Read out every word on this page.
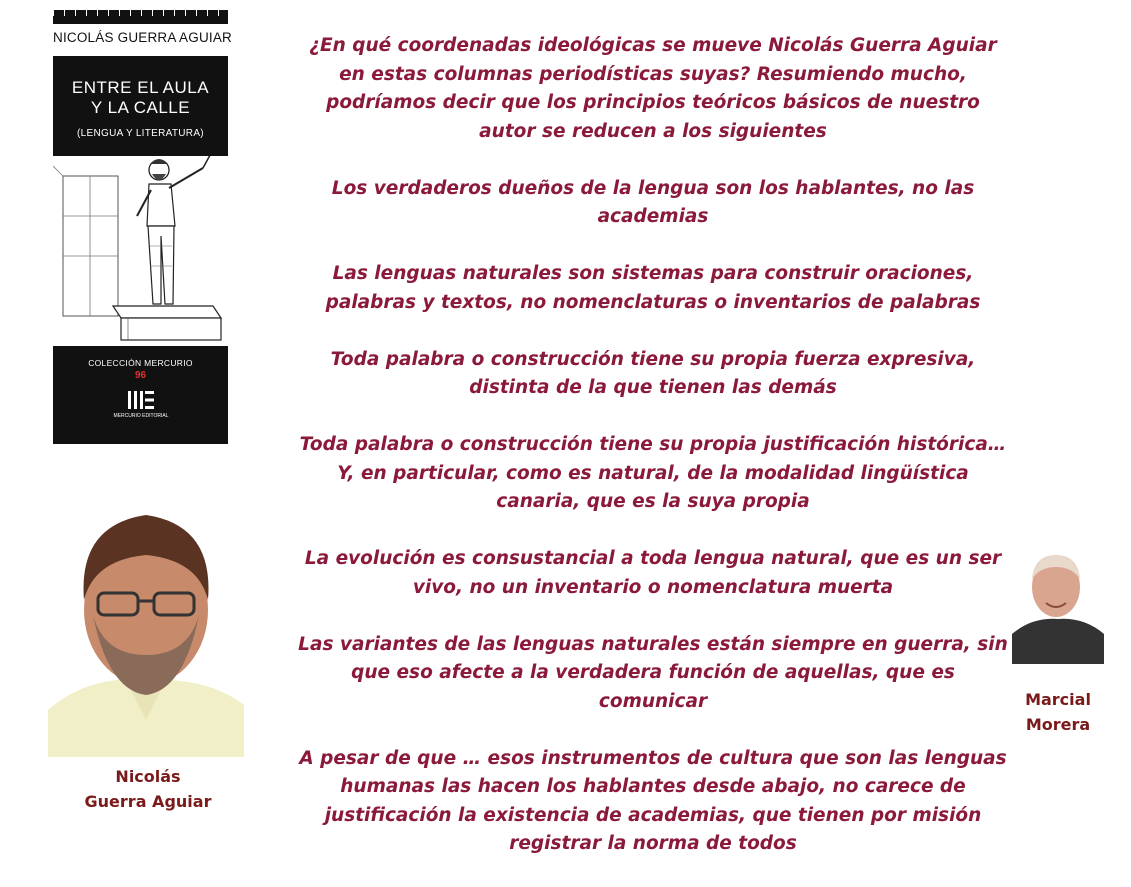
NICOLÁS GUERRA AGUIAR
ENTRE EL AULA
Y LA CALLE
(LENGUA Y LITERATURA)
COLECCIÓN MERCURIO
96
MERCURIO EDITORIAL
Nicolás
Guerra Aguiar
Marcial
Morera

¿En qué coordenadas ideológicas se mueve Nicolás Guerra Aguiar en estas columnas periodísticas suyas? Resumiendo mucho, podríamos decir que los principios teóricos básicos de nuestro autor se reducen a los siguientes

Los verdaderos dueños de la lengua son los hablantes, no las academias

Las lenguas naturales son sistemas para construir oraciones, palabras y textos, no nomenclaturas o inventarios de palabras

Toda palabra o construcción tiene su propia fuerza expresiva, distinta de la que tienen las demás

Toda palabra o construcción tiene su propia justificación histórica… Y, en particular, como es natural, de la modalidad lingüística canaria, que es la suya propia

La evolución es consustancial a toda lengua natural, que es un ser vivo, no un inventario o nomenclatura muerta

Las variantes de las lenguas naturales están siempre en guerra, sin que eso afecte a la verdadera función de aquellas, que es comunicar

A pesar de que … esos instrumentos de cultura que son las lenguas humanas las hacen los hablantes desde abajo, no carece de justificación la existencia de academias, que tienen por misión registrar la norma de todos
